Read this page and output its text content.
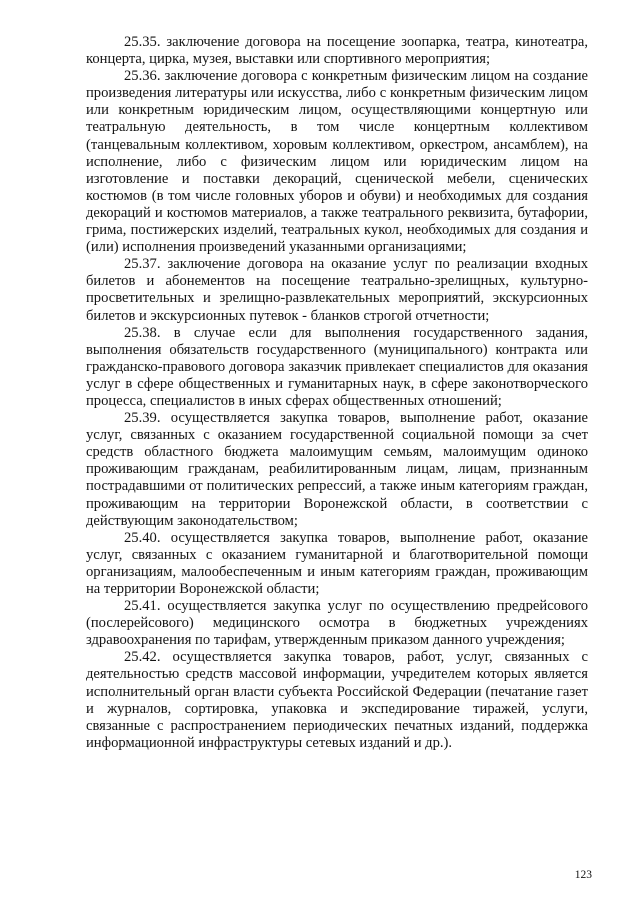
25.35. заключение договора на посещение зоопарка, театра, кинотеатра, концерта, цирка, музея, выставки или спортивного мероприятия;

25.36. заключение договора с конкретным физическим лицом на создание произведения литературы или искусства, либо с конкретным физическим лицом или конкретным юридическим лицом, осуществляющими концертную или театральную деятельность, в том числе концертным коллективом (танцевальным коллективом, хоровым коллективом, оркестром, ансамблем), на исполнение, либо с физическим лицом или юридическим лицом на изготовление и поставки декораций, сценической мебели, сценических костюмов (в том числе головных уборов и обуви) и необходимых для создания декораций и костюмов материалов, а также театрального реквизита, бутафории, грима, постижерских изделий, театральных кукол, необходимых для создания и (или) исполнения произведений указанными организациями;

25.37. заключение договора на оказание услуг по реализации входных билетов и абонементов на посещение театрально-зрелищных, культурно-просветительных и зрелищно-развлекательных мероприятий, экскурсионных билетов и экскурсионных путевок - бланков строгой отчетности;

25.38. в случае если для выполнения государственного задания, выполнения обязательств государственного (муниципального) контракта или гражданско-правового договора заказчик привлекает специалистов для оказания услуг в сфере общественных и гуманитарных наук, в сфере законотворческого процесса, специалистов в иных сферах общественных отношений;

25.39. осуществляется закупка товаров, выполнение работ, оказание услуг, связанных с оказанием государственной социальной помощи за счет средств областного бюджета малоимущим семьям, малоимущим одиноко проживающим гражданам, реабилитированным лицам, лицам, признанным пострадавшими от политических репрессий, а также иным категориям граждан, проживающим на территории Воронежской области, в соответствии с действующим законодательством;

25.40. осуществляется закупка товаров, выполнение работ, оказание услуг, связанных с оказанием гуманитарной и благотворительной помощи организациям, малообеспеченным и иным категориям граждан, проживающим на территории Воронежской области;

25.41. осуществляется закупка услуг по осуществлению предрейсового (послерейсового) медицинского осмотра в бюджетных учреждениях здравоохранения по тарифам, утвержденным приказом данного учреждения;

25.42. осуществляется закупка товаров, работ, услуг, связанных с деятельностью средств массовой информации, учредителем которых является исполнительный орган власти субъекта Российской Федерации (печатание газет и журналов, сортировка, упаковка и экспедирование тиражей, услуги, связанные с распространением периодических печатных изданий, поддержка информационной инфраструктуры сетевых изданий и др.).

123
